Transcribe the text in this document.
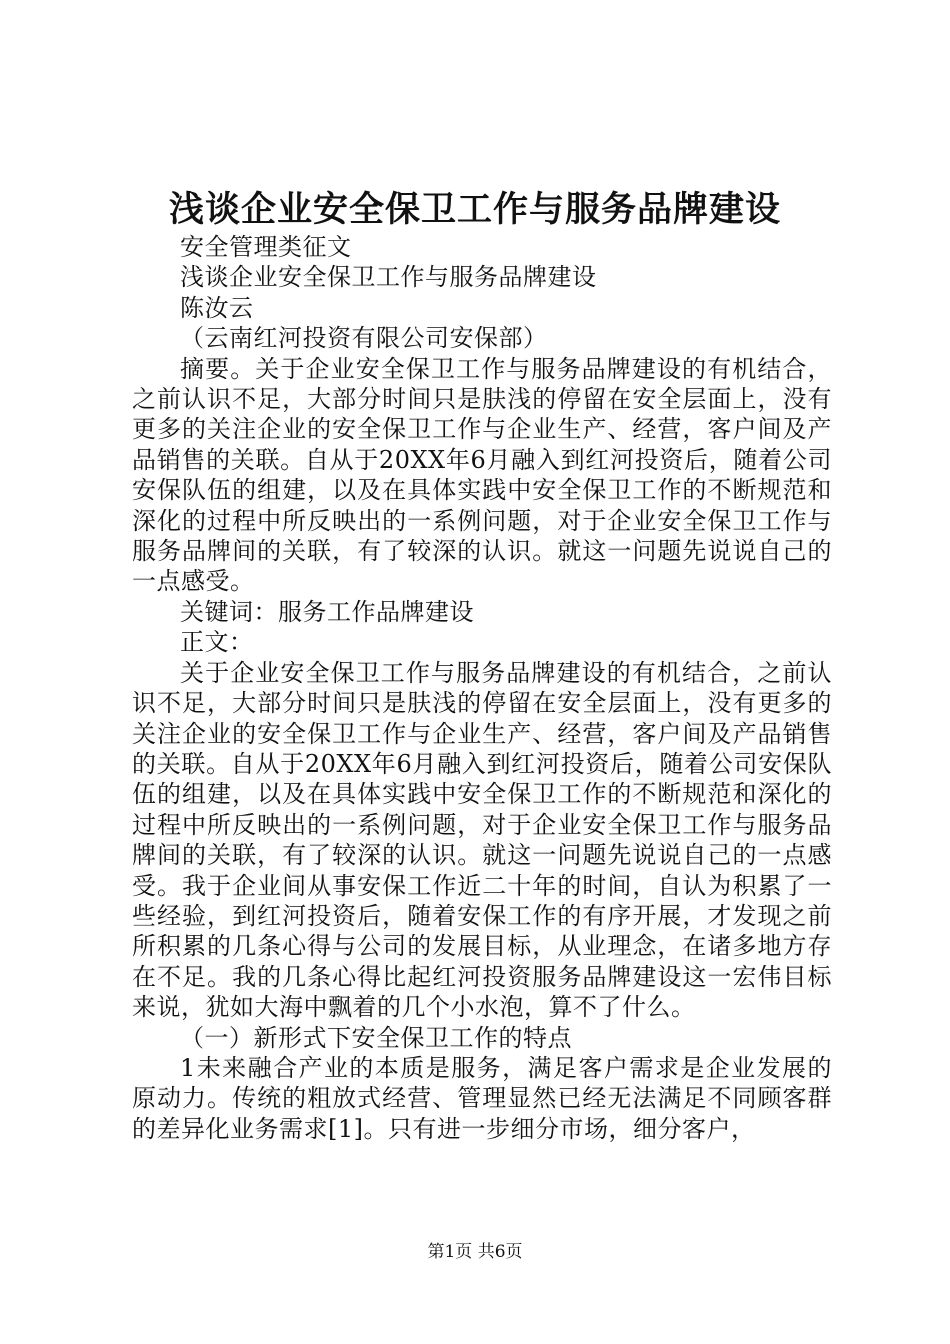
浅谈企业安全保卫工作与服务品牌建设

安全管理类征文

浅谈企业安全保卫工作与服务品牌建设

陈汝云

（云南红河投资有限公司安保部）

摘要。关于企业安全保卫工作与服务品牌建设的有机结合，之前认识不足，大部分时间只是肤浅的停留在安全层面上，没有更多的关注企业的安全保卫工作与企业生产、经营，客户间及产品销售的关联。自从于20XX年6月融入到红河投资后，随着公司安保队伍的组建，以及在具体实践中安全保卫工作的不断规范和深化的过程中所反映出的一系例问题，对于企业安全保卫工作与服务品牌间的关联，有了较深的认识。就这一问题先说说自己的一点感受。

关键词：服务工作品牌建设

正文：

关于企业安全保卫工作与服务品牌建设的有机结合，之前认识不足，大部分时间只是肤浅的停留在安全层面上，没有更多的关注企业的安全保卫工作与企业生产、经营，客户间及产品销售的关联。自从于20XX年6月融入到红河投资后，随着公司安保队伍的组建，以及在具体实践中安全保卫工作的不断规范和深化的过程中所反映出的一系例问题，对于企业安全保卫工作与服务品牌间的关联，有了较深的认识。就这一问题先说说自己的一点感受。我于企业间从事安保工作近二十年的时间，自认为积累了一些经验，到红河投资后，随着安保工作的有序开展，才发现之前所积累的几条心得与公司的发展目标，从业理念，在诸多地方存在不足。我的几条心得比起红河投资服务品牌建设这一宏伟目标来说，犹如大海中飘着的几个小水泡，算不了什么。

（一）新形式下安全保卫工作的特点

1未来融合产业的本质是服务，满足客户需求是企业发展的原动力。传统的粗放式经营、管理显然已经无法满足不同顾客群的差异化业务需求[1]。只有进一步细分市场，细分客户，

第1页 共6页
